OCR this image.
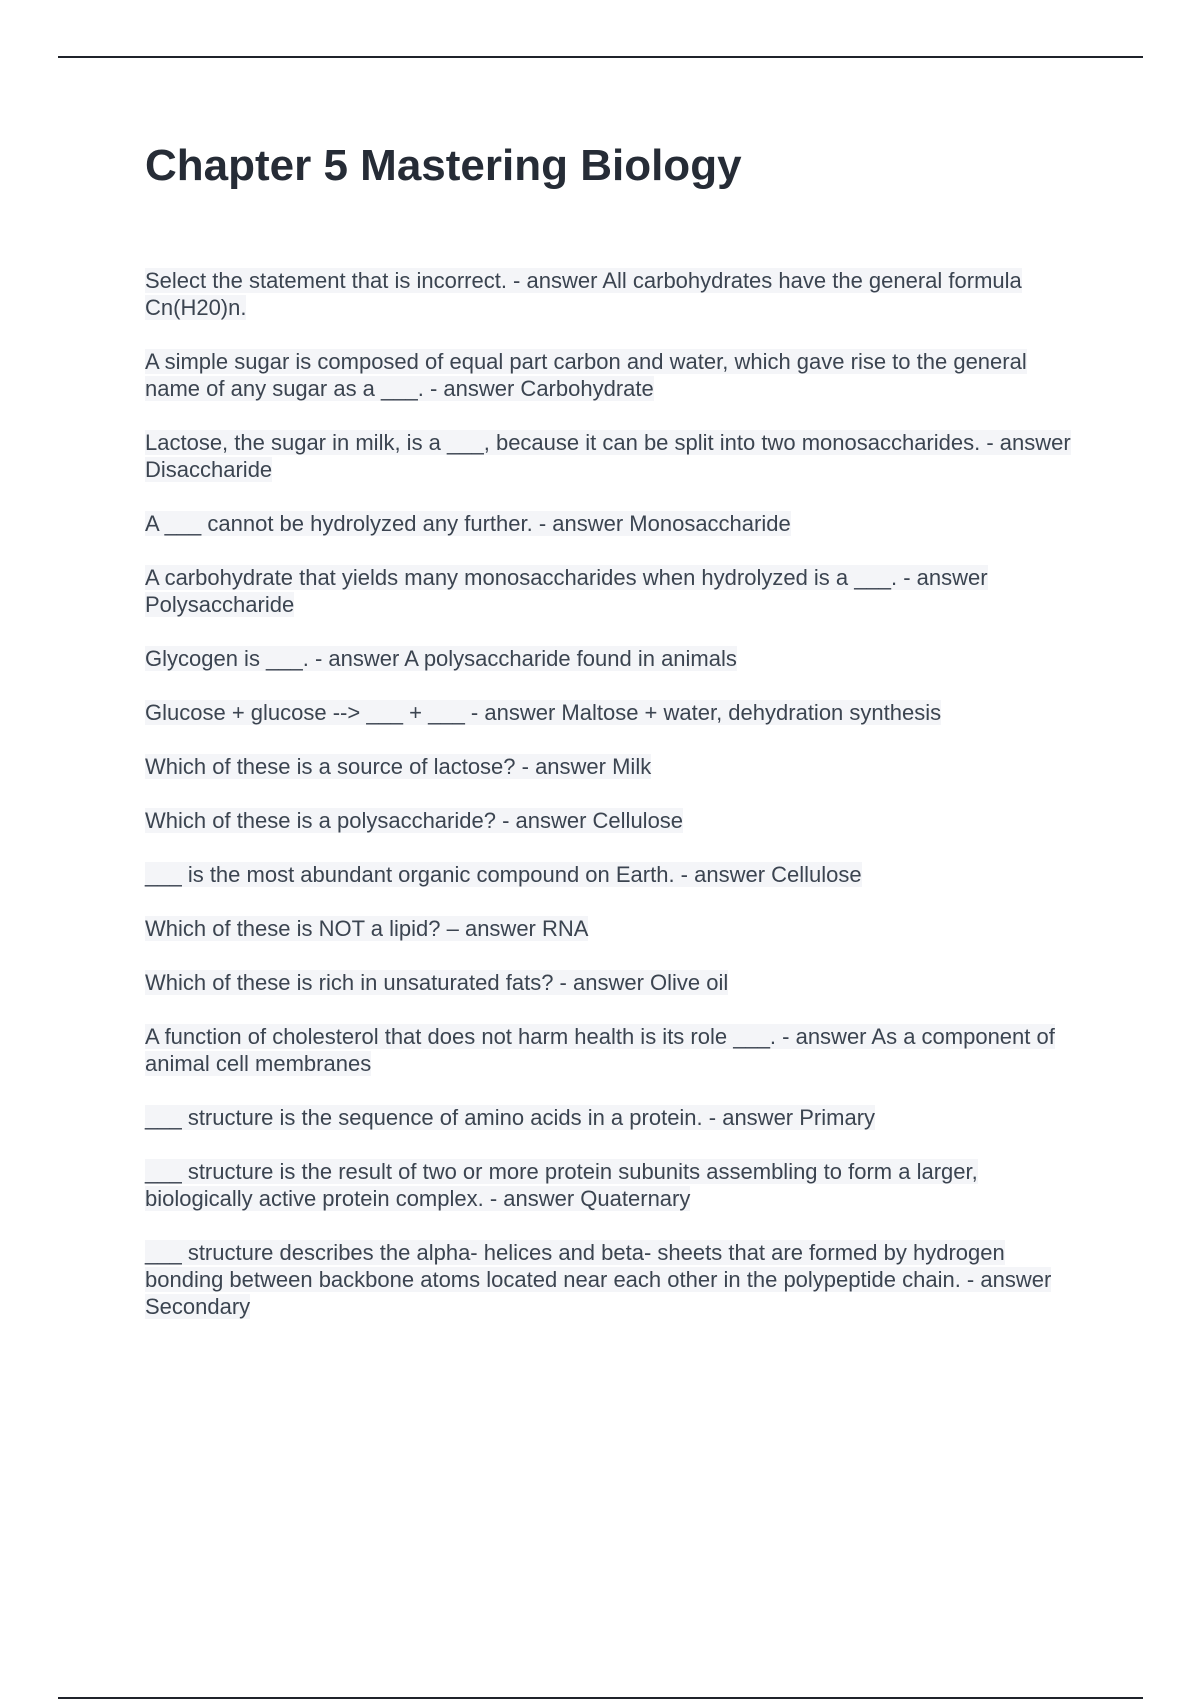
Chapter 5 Mastering Biology

Select the statement that is incorrect. - answer All carbohydrates have the general formula Cn(H20)n.

A simple sugar is composed of equal part carbon and water, which gave rise to the general name of any sugar as a ___. - answer Carbohydrate

Lactose, the sugar in milk, is a ___, because it can be split into two monosaccharides. - answer Disaccharide

A ___ cannot be hydrolyzed any further. - answer Monosaccharide

A carbohydrate that yields many monosaccharides when hydrolyzed is a ___. - answer Polysaccharide

Glycogen is ___. - answer A polysaccharide found in animals

Glucose + glucose --> ___ + ___ - answer Maltose + water, dehydration synthesis

Which of these is a source of lactose? - answer Milk

Which of these is a polysaccharide? - answer Cellulose

___ is the most abundant organic compound on Earth. - answer Cellulose

Which of these is NOT a lipid? – answer RNA

Which of these is rich in unsaturated fats? - answer Olive oil

A function of cholesterol that does not harm health is its role ___. - answer As a component of animal cell membranes

___ structure is the sequence of amino acids in a protein. - answer Primary

___ structure is the result of two or more protein subunits assembling to form a larger, biologically active protein complex. - answer Quaternary

___ structure describes the alpha- helices and beta- sheets that are formed by hydrogen bonding between backbone atoms located near each other in the polypeptide chain. - answer Secondary
